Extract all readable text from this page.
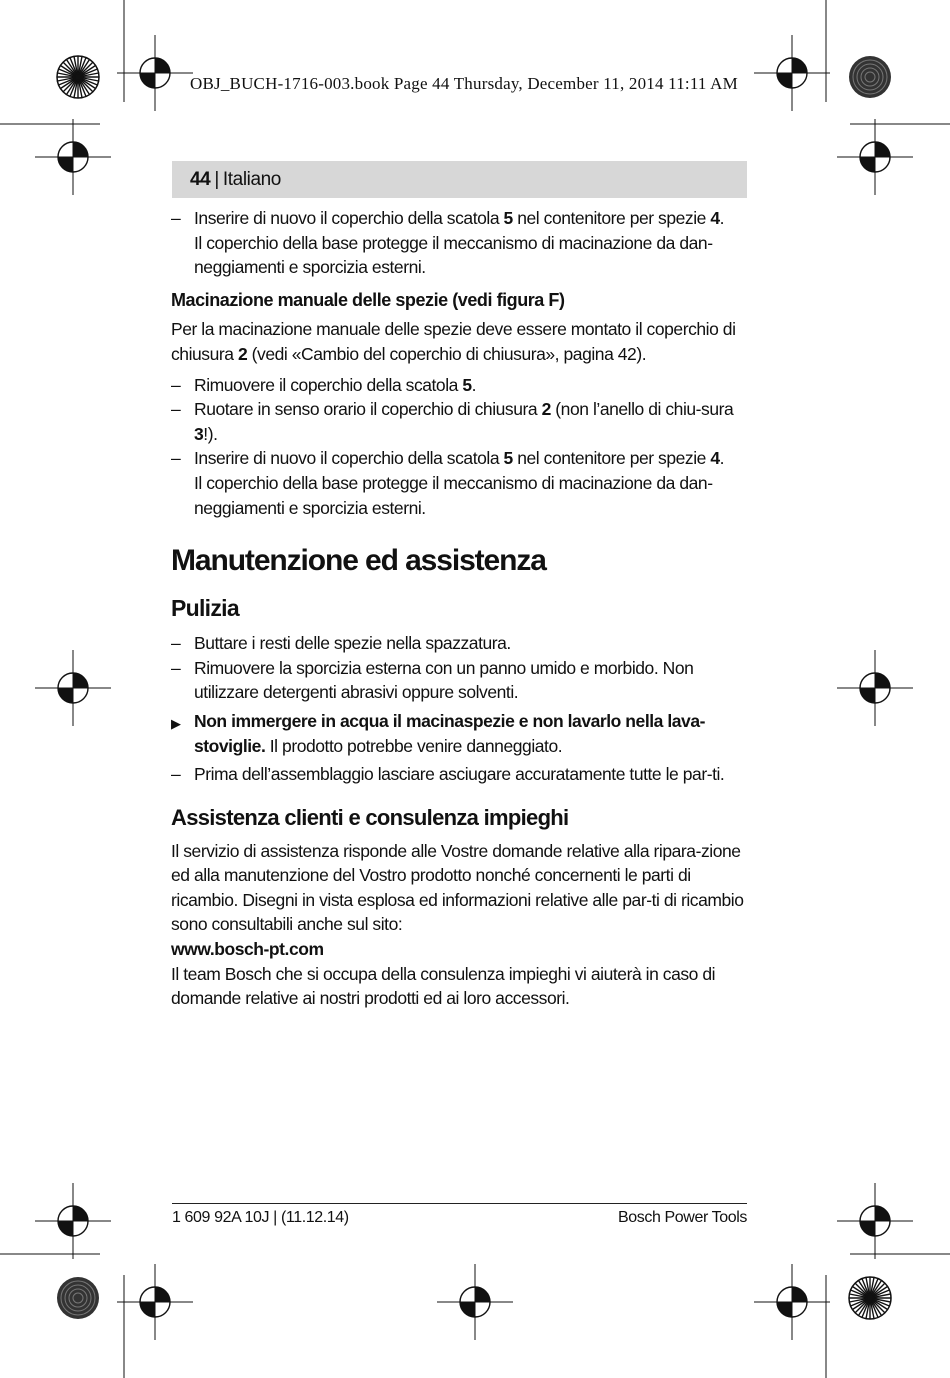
OBJ_BUCH-1716-003.book Page 44 Thursday, December 11, 2014 11:11 AM
44 | Italiano
– Inserire di nuovo il coperchio della scatola 5 nel contenitore per spezie 4.
Il coperchio della base protegge il meccanismo di macinazione da dan-neggiamenti e sporcizia esterni.
Macinazione manuale delle spezie (vedi figura F)

Per la macinazione manuale delle spezie deve essere montato il coperchio di chiusura 2 (vedi «Cambio del coperchio di chiusura», pagina 42).

– Rimuovere il coperchio della scatola 5.
– Ruotare in senso orario il coperchio di chiusura 2 (non l’anello di chiu-sura 3!).
– Inserire di nuovo il coperchio della scatola 5 nel contenitore per spezie 4.
Il coperchio della base protegge il meccanismo di macinazione da dan-neggiamenti e sporcizia esterni.
Manutenzione ed assistenza
Pulizia
– Buttare i resti delle spezie nella spazzatura.
– Rimuovere la sporcizia esterna con un panno umido e morbido. Non utilizzare detergenti abrasivi oppure solventi.
▶ Non immergere in acqua il macinaspezie e non lavarlo nella lava-stoviglie. Il prodotto potrebbe venire danneggiato.
– Prima dell’assemblaggio lasciare asciugare accuratamente tutte le par-ti.
Assistenza clienti e consulenza impieghi

Il servizio di assistenza risponde alle Vostre domande relative alla ripara-zione ed alla manutenzione del Vostro prodotto nonché concernenti le parti di ricambio. Disegni in vista esplosa ed informazioni relative alle par-ti di ricambio sono consultabili anche sul sito:

www.bosch-pt.com

Il team Bosch che si occupa della consulenza impieghi vi aiuterà in caso di domande relative ai nostri prodotti ed ai loro accessori.

1 609 92A 10J | (11.12.14)	Bosch Power Tools
